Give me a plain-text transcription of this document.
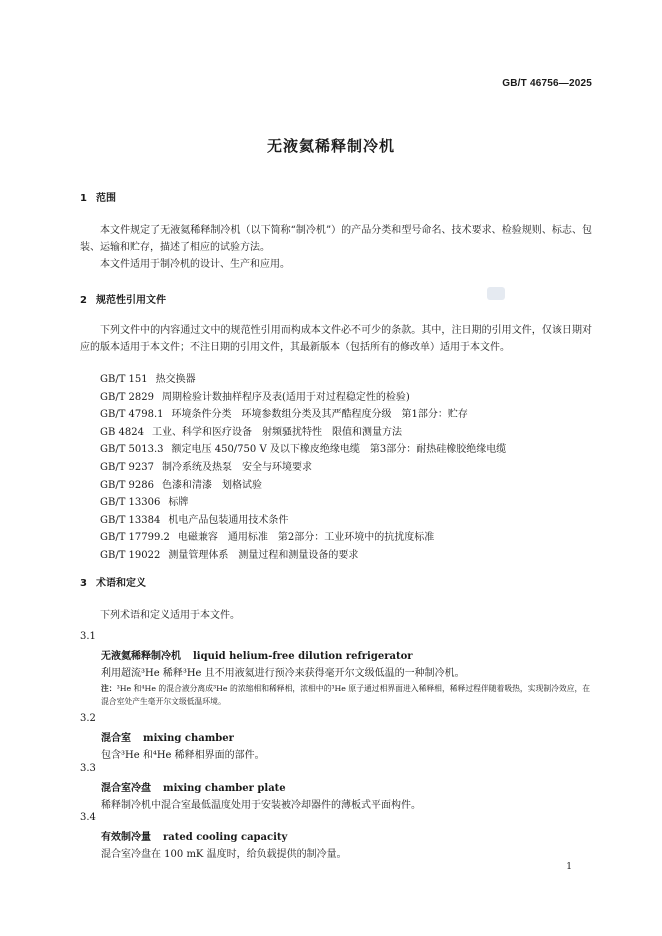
GB/T 46756—2025
无液氦稀释制冷机
1 范围
本文件规定了无液氦稀释制冷机（以下简称“制冷机”）的产品分类和型号命名、技术要求、检验规则、标志、包装、运输和贮存，描述了相应的试验方法。
本文件适用于制冷机的设计、生产和应用。
2 规范性引用文件
下列文件中的内容通过文中的规范性引用而构成本文件必不可少的条款。其中，注日期的引用文件，仅该日期对应的版本适用于本文件；不注日期的引用文件，其最新版本（包括所有的修改单）适用于本文件。
GB/T 151 热交换器
GB/T 2829 周期检验计数抽样程序及表(适用于对过程稳定性的检验)
GB/T 4798.1 环境条件分类　环境参数组分类及其严酷程度分级　第1部分：贮存
GB 4824 工业、科学和医疗设备　射频骚扰特性　限值和测量方法
GB/T 5013.3 额定电压 450/750 V 及以下橡皮绝缘电缆　第3部分：耐热硅橡胶绝缘电缆
GB/T 9237 制冷系统及热泵　安全与环境要求
GB/T 9286 色漆和清漆　划格试验
GB/T 13306 标牌
GB/T 13384 机电产品包装通用技术条件
GB/T 17799.2 电磁兼容　通用标准　第2部分：工业环境中的抗扰度标准
GB/T 19022 测量管理体系　测量过程和测量设备的要求
3 术语和定义
下列术语和定义适用于本文件。
3.1
无液氦稀释制冷机 liquid helium-free dilution refrigerator
利用超流³He 稀释³He 且不用液氦进行预冷来获得毫开尔文级低温的一种制冷机。
注：³He 和⁴He 的混合液分离成³He 的浓缩相和稀释相，浓相中的³He 原子通过相界面进入稀释相，稀释过程伴随着吸热，实现制冷效应，在混合室处产生毫开尔文级低温环境。
3.2
混合室 mixing chamber
包含³He 和⁴He 稀释相界面的部件。
3.3
混合室冷盘 mixing chamber plate
稀释制冷机中混合室最低温度处用于安装被冷却器件的薄板式平面构件。
3.4
有效制冷量 rated cooling capacity
混合室冷盘在 100 mK 温度时，给负载提供的制冷量。
1
